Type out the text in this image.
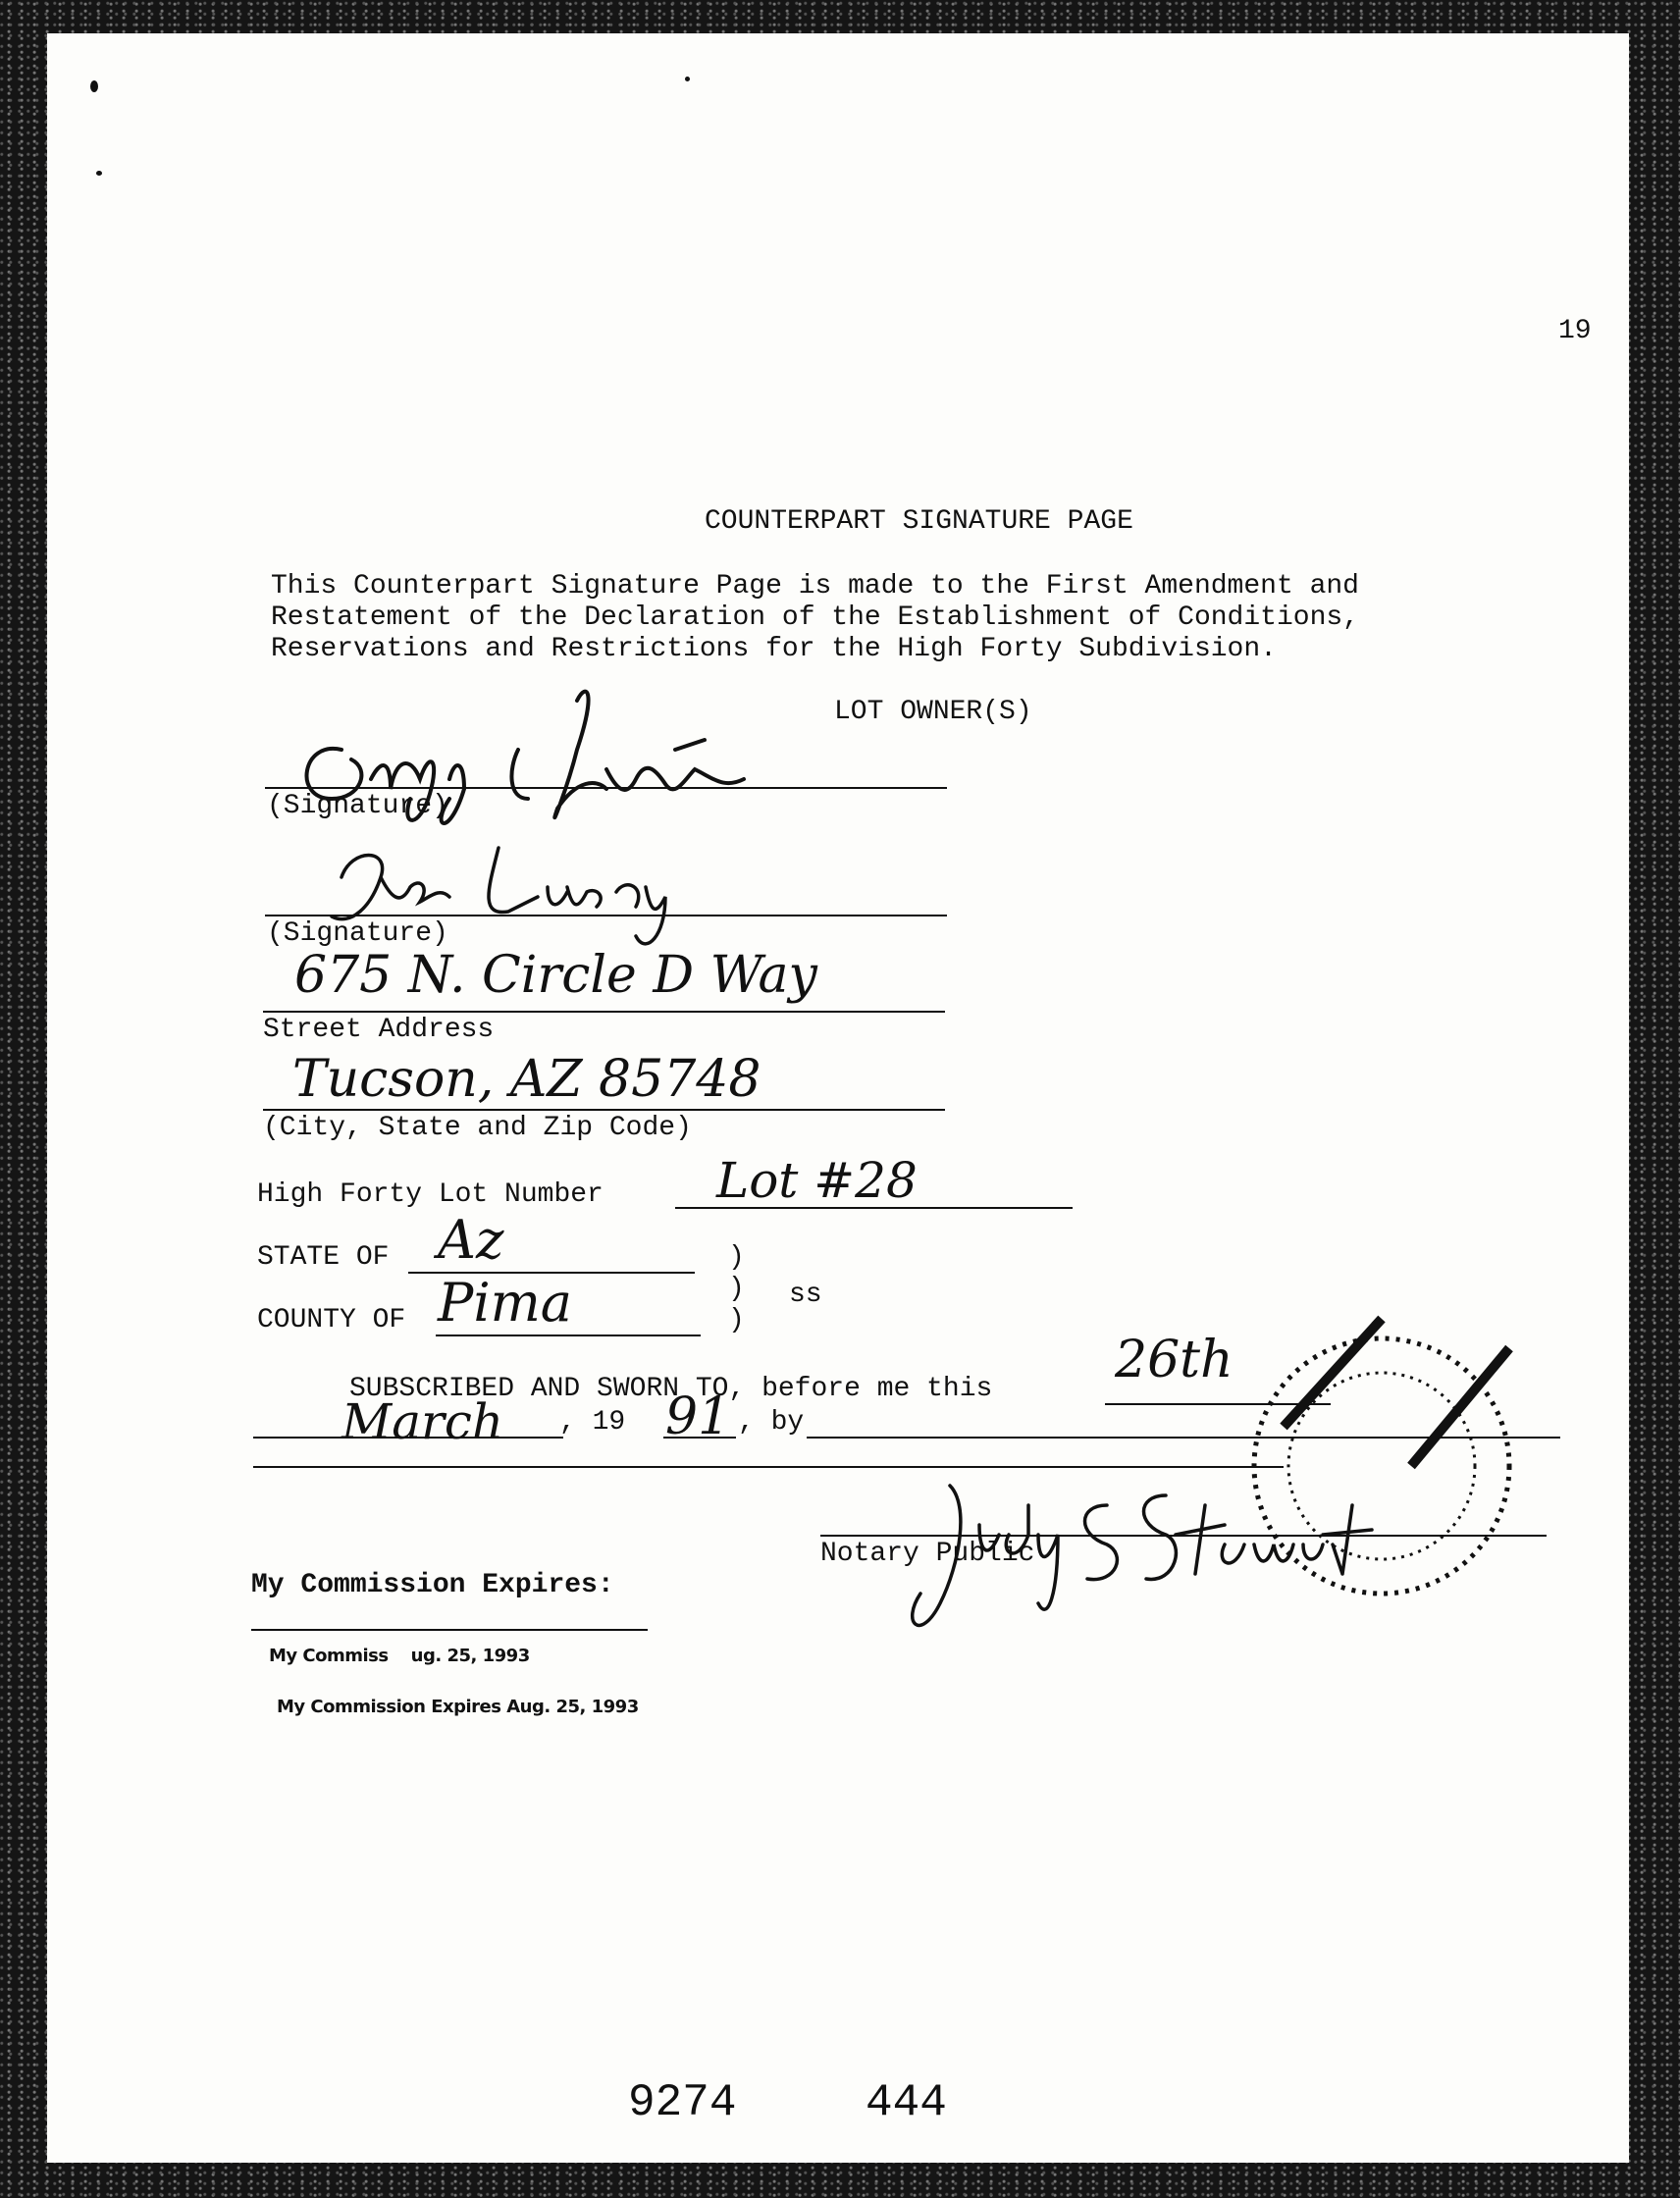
19
COUNTERPART SIGNATURE PAGE
This Counterpart Signature Page is made to the First Amendment and
Restatement of the Declaration of the Establishment of Conditions,
Reservations and Restrictions for the High Forty Subdivision.
LOT OWNER(S)
(Signature)
(Signature)
675 N. Circle D Way
Street Address
Tucson, AZ 85748
(City, State and Zip Code)
High Forty Lot Number Lot #28
STATE OF Az	)
) ss
COUNTY OF Pima	)
SUBSCRIBED AND SWORN TO, before me this 26th
March , 19 91 , by
Notary Public
My Commission Expires:
My Commiss    ug. 25, 1993
My Commission Expires Aug. 25, 1993
9274	444
